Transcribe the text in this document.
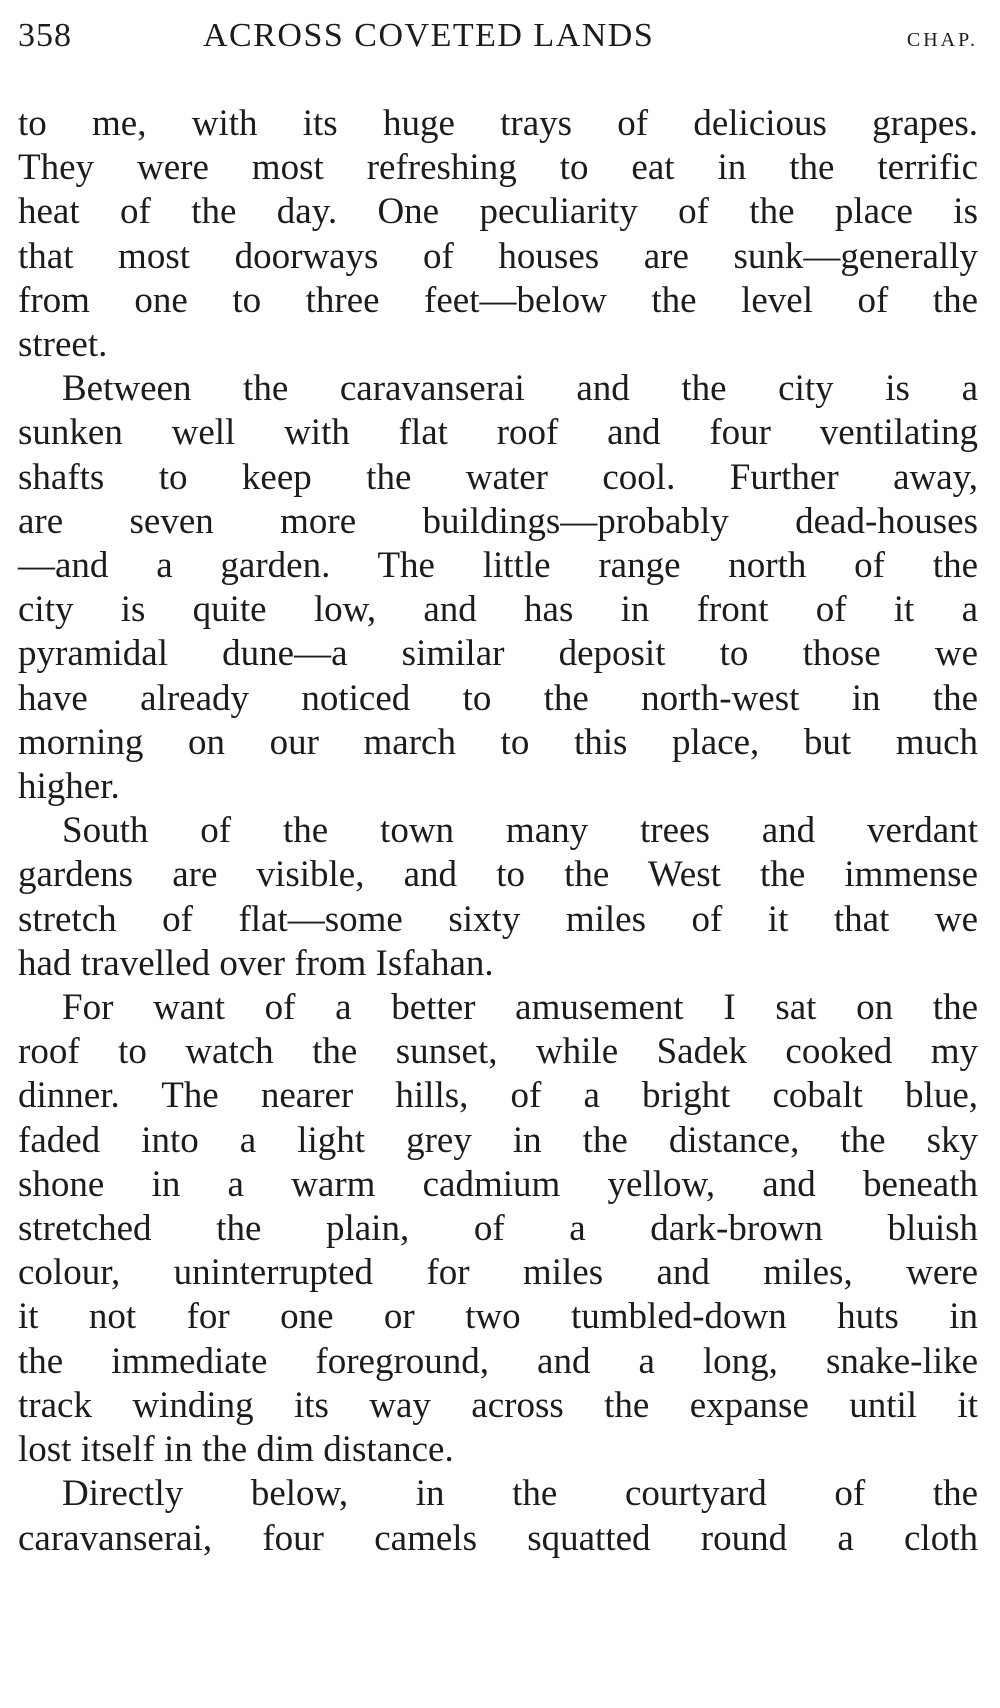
358	ACROSS COVETED LANDS	CHAP.

to me, with its huge trays of delicious grapes.
They were most refreshing to eat in the terrific
heat of the day. One peculiarity of the place is
that most doorways of houses are sunk—generally
from one to three feet—below the level of the
street.

Between the caravanserai and the city is a
sunken well with flat roof and four ventilating
shafts to keep the water cool. Further away,
are seven more buildings—probably dead-houses
—and a garden. The little range north of the
city is quite low, and has in front of it a
pyramidal dune—a similar deposit to those we
have already noticed to the north-west in the
morning on our march to this place, but much
higher.

South of the town many trees and verdant
gardens are visible, and to the West the immense
stretch of flat—some sixty miles of it that we
had travelled over from Isfahan.

For want of a better amusement I sat on the
roof to watch the sunset, while Sadek cooked my
dinner. The nearer hills, of a bright cobalt blue,
faded into a light grey in the distance, the sky
shone in a warm cadmium yellow, and beneath
stretched the plain, of a dark-brown bluish
colour, uninterrupted for miles and miles, were
it not for one or two tumbled-down huts in
the immediate foreground, and a long, snake-like
track winding its way across the expanse until it
lost itself in the dim distance.

Directly below, in the courtyard of the
caravanserai, four camels squatted round a cloth
